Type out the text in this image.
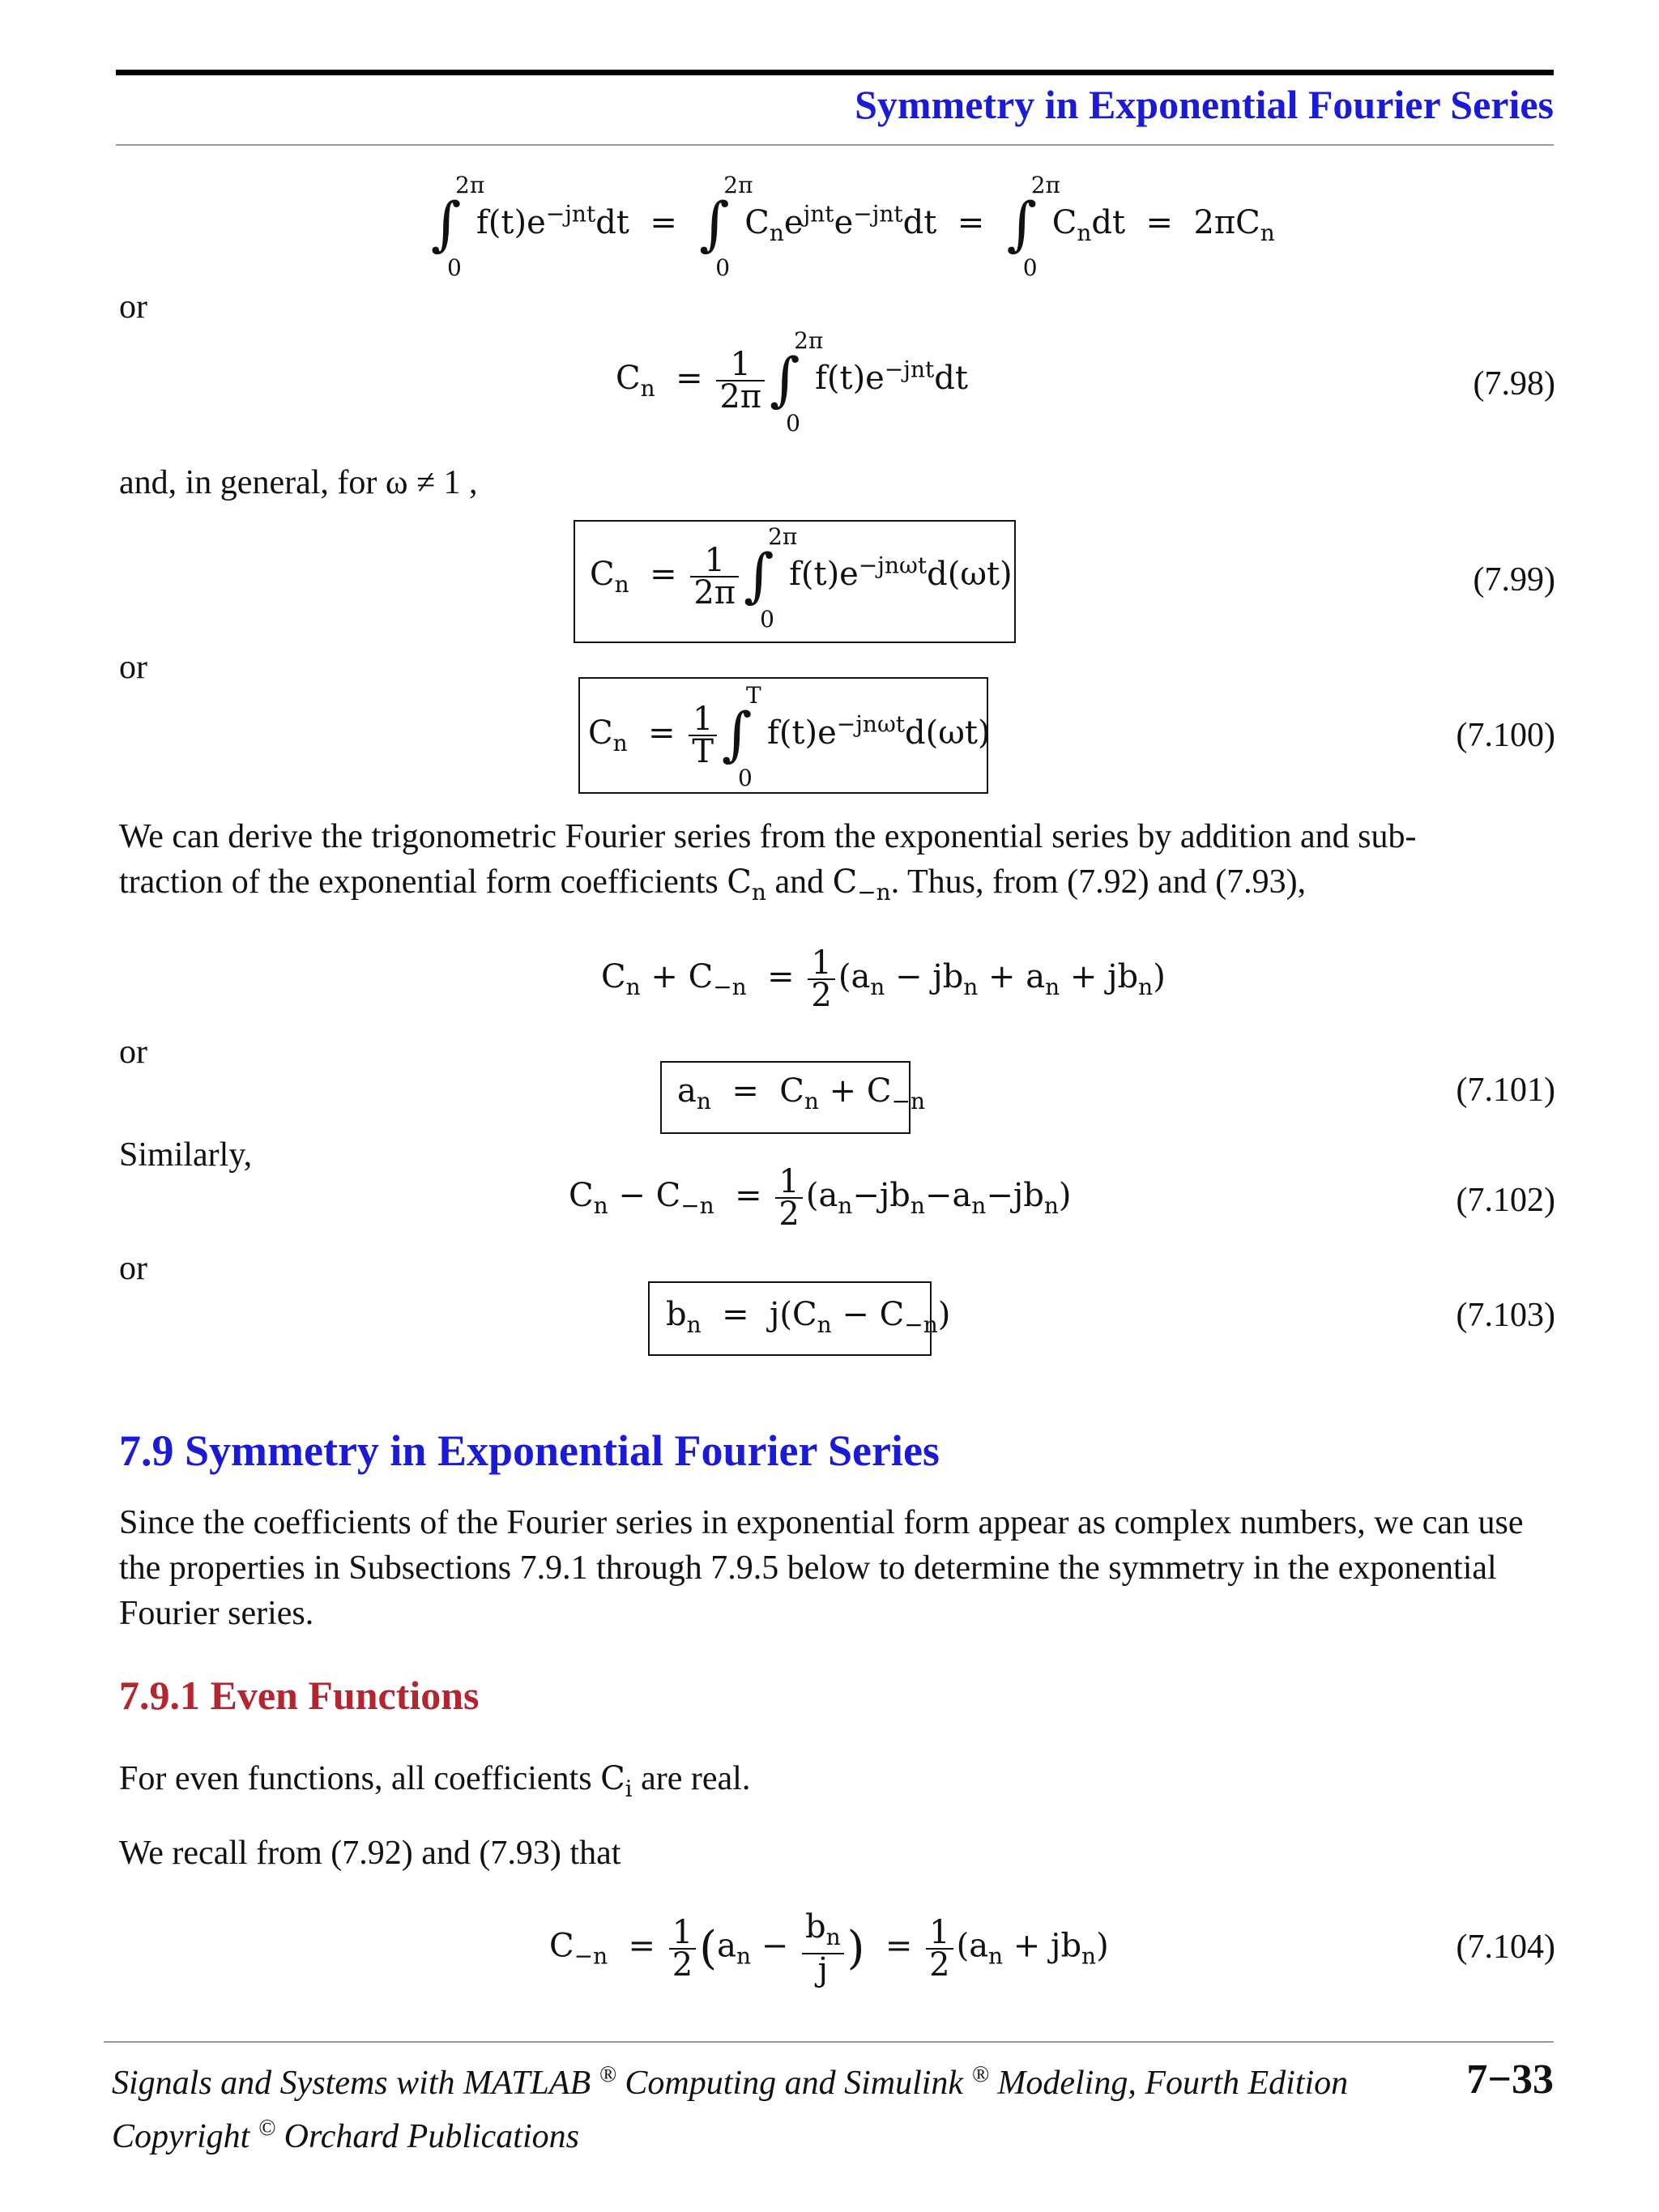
Symmetry in Exponential Fourier Series
∫
2π
0
$f(t)e^{-jnt}dt$  = ∫
2π
0
$C_ne^{jnt}e^{-jnt}dt$  = ∫
2π
0
$C_ndt = 2\pi C_n$
or
$C_n = \frac{1}{2\pi}$ ∫
2π
0
$f(t)e^{-jnt}dt$	(7.98)
and, in general, for ω ≠ 1 ,
$C_n = \frac{1}{2\pi}$ ∫
2π
0
$f(t)e^{-jn\omega t}d(\omega t)$	(7.99)
or
$C_n = \frac{1}{T}$ ∫
T
0
$f(t)e^{-jn\omega t}d(\omega t)$	(7.100)
We can derive the trigonometric Fourier series from the exponential series by addition and sub-
traction of the exponential form coefficients $C_n$ and $C_{-n}$. Thus, from (7.92) and (7.93),
$C_n + C_{-n} = \frac{1}{2} (a_n - jb_n + a_n + jb_n)$
or
$a_n = C_n + C_{-n}$	(7.101)
Similarly,
$C_n - C_{-n} = \frac{1}{2} (a_n-jb_n-a_n-jb_n)$	(7.102)
or
$b_n = j(C_n - C_{-n})$	(7.103)
7.9 Symmetry in Exponential Fourier Series
Since the coefficients of the Fourier series in exponential form appear as complex numbers, we can use the properties in Subsections 7.9.1 through 7.9.5 below to determine the symmetry in the exponential Fourier series.
7.9.1 Even Functions
For even functions, all coefficients $C_i$ are real.
We recall from (7.92) and (7.93) that
$C_{-n} = \frac{1}{2} (a_n - \frac{b_n}{j}$ )  = $\frac{1}{2} (a_n + jb_n)$	(7.104)
Signals and Systems with MATLAB ® Computing and Simulink ® Modeling, Fourth Edition
Copyright © Orchard Publications
7−33
